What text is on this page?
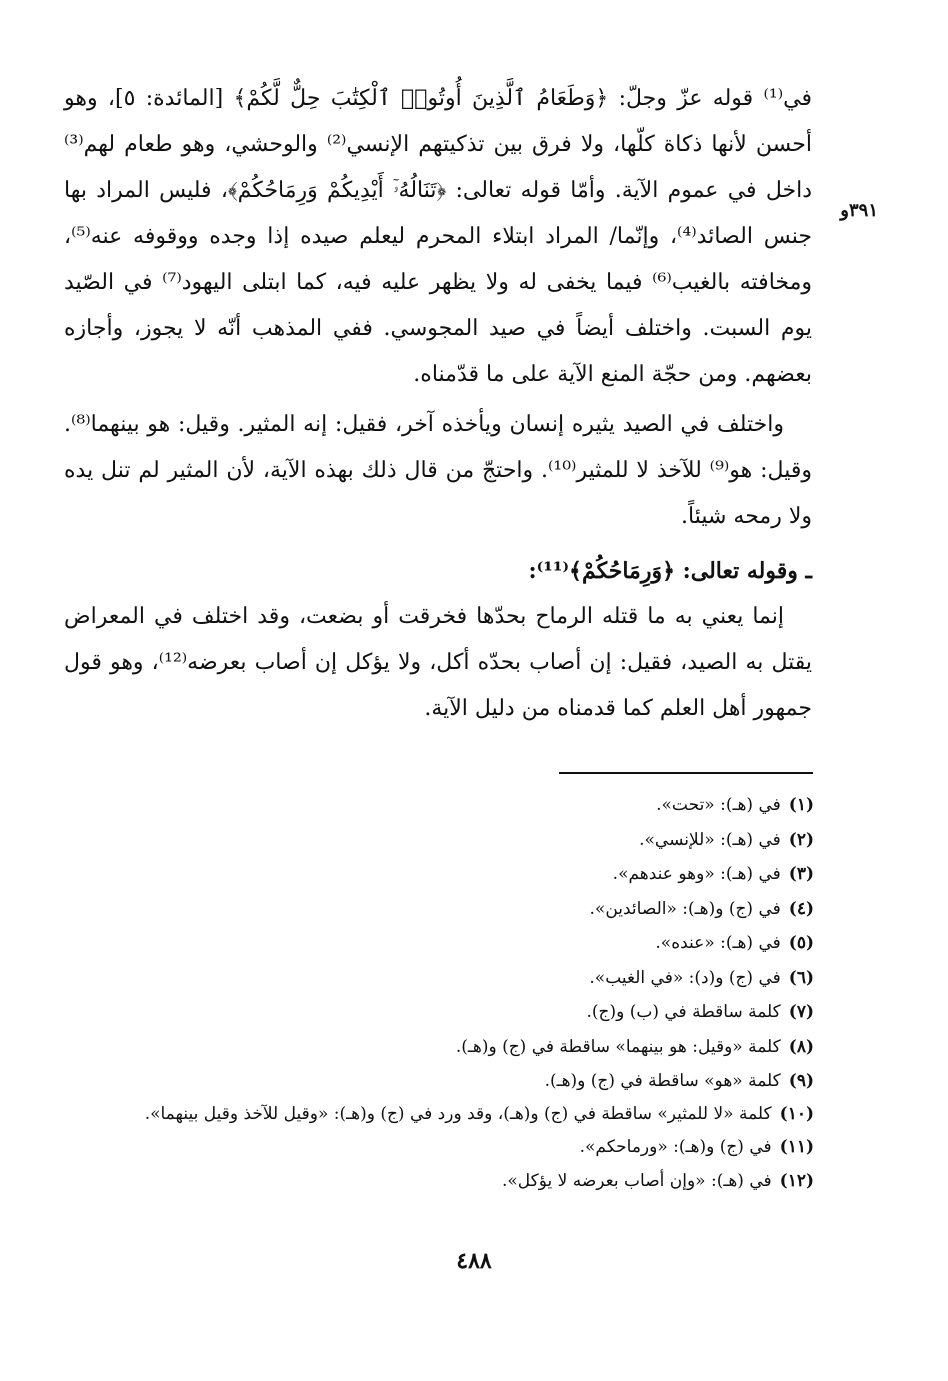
٣٩١و

في⁽¹⁾ قوله عزّ وجلّ: ﴿وَطَعَامُ ٱلَّذِينَ أُوتُوا۟ ٱلْكِتَٰبَ حِلٌّ لَّكُمْ﴾ [المائدة: ٥]، وهو أحسن لأنها ذكاة كلّها، ولا فرق بين تذكيتهم الإنسي⁽²⁾ والوحشي، وهو طعام لهم⁽³⁾ داخل في عموم الآية. وأمّا قوله تعالى: ﴿تَنَالُهُۥٓ أَيْدِيكُمْ وَرِمَاحُكُمْ﴾، فليس المراد بها جنس الصائد⁽⁴⁾، وإنّما/ المراد ابتلاء المحرم ليعلم صيده إذا وجده ووقوفه عنه⁽⁵⁾، ومخافته بالغيب⁽⁶⁾ فيما يخفى له ولا يظهر عليه فيه، كما ابتلى اليهود⁽⁷⁾ في الصّيد يوم السبت. واختلف أيضاً في صيد المجوسي. ففي المذهب أنّه لا يجوز، وأجازه بعضهم. ومن حجّة المنع الآية على ما قدّمناه.

واختلف في الصيد يثيره إنسان ويأخذه آخر، فقيل: إنه المثير. وقيل: هو بينهما⁽⁸⁾. وقيل: هو⁽⁹⁾ للآخذ لا للمثير⁽¹⁰⁾. واحتجّ من قال ذلك بهذه الآية، لأن المثير لم تنل يده ولا رمحه شيئاً.

ـ وقوله تعالى: ﴿وَرِمَاحُكُمْ﴾⁽¹¹⁾:

إنما يعني به ما قتله الرماح بحدّها فخرقت أو بضعت، وقد اختلف في المعراض يقتل به الصيد، فقيل: إن أصاب بحدّه أكل، ولا يؤكل إن أصاب بعرضه⁽¹²⁾، وهو قول جمهور أهل العلم كما قدمناه من دليل الآية.

(١)في (هـ): «تحت».
(٢)في (هـ): «للإنسي».
(٣)في (هـ): «وهو عندهم».
(٤)في (ج) و(هـ): «الصائدين».
(٥)في (هـ): «عنده».
(٦)في (ج) و(د): «في الغيب».
(٧)كلمة ساقطة في (ب) و(ج).
(٨)كلمة «وقيل: هو بينهما» ساقطة في (ج) و(هـ).
(٩)كلمة «هو» ساقطة في (ج) و(هـ).
(١٠)كلمة «لا للمثير» ساقطة في (ج) و(هـ)، وقد ورد في (ج) و(هـ): «وقيل للآخذ وقيل بينهما».
(١١)في (ج) و(هـ): «ورماحكم».
(١٢)في (هـ): «وإن أصاب بعرضه لا يؤكل».
٤٨٨
